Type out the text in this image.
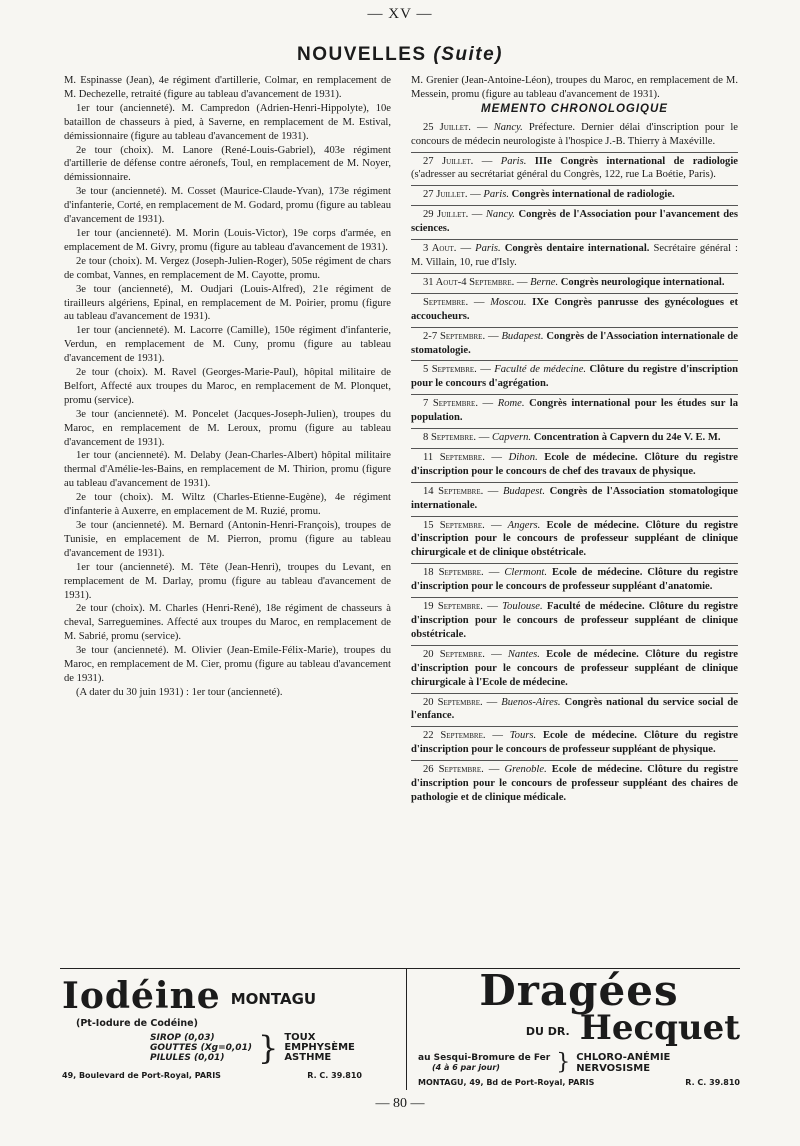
— XV —
NOUVELLES (Suite)

M. Espinasse (Jean), 4e régiment d'artillerie, Colmar, en remplacement de M. Dechezelle, retraité (figure au tableau d'avancement de 1931).

1er tour (ancienneté). M. Campredon (Adrien-Henri-Hippolyte), 10e bataillon de chasseurs à pied, à Saverne, en remplacement de M. Estival, démissionnaire (figure au tableau d'avancement de 1931).

2e tour (choix). M. Lanore (René-Louis-Gabriel), 403e régiment d'artillerie de défense contre aéronefs, Toul, en remplacement de M. Noyer, démissionnaire.

3e tour (ancienneté). M. Cosset (Maurice-Claude-Yvan), 173e régiment d'infanterie, Corté, en remplacement de M. Godard, promu (figure au tableau d'avancement de 1931).

1er tour (ancienneté). M. Morin (Louis-Victor), 19e corps d'armée, en emplacement de M. Givry, promu (figure au tableau d'avancement de 1931).

2e tour (choix). M. Vergez (Joseph-Julien-Roger), 505e régiment de chars de combat, Vannes, en remplacement de M. Cayotte, promu.

3e tour (ancienneté), M. Oudjari (Louis-Alfred), 21e régiment de tirailleurs algériens, Epinal, en remplacement de M. Poirier, promu (figure au tableau d'avancement de 1931).

1er tour (ancienneté). M. Lacorre (Camille), 150e régiment d'infanterie, Verdun, en remplacement de M. Cuny, promu (figure au tableau d'avancement de 1931).

2e tour (choix). M. Ravel (Georges-Marie-Paul), hôpital militaire de Belfort, Affecté aux troupes du Maroc, en remplacement de M. Plonquet, promu (service).

3e tour (ancienneté). M. Poncelet (Jacques-Joseph-Julien), troupes du Maroc, en remplacement de M. Leroux, promu (figure au tableau d'avancement de 1931).

1er tour (ancienneté). M. Delaby (Jean-Charles-Albert) hôpital militaire thermal d'Amélie-les-Bains, en remplacement de M. Thirion, promu (figure au tableau d'avancement de 1931).

2e tour (choix). M. Wiltz (Charles-Etienne-Eugène), 4e régiment d'infanterie à Auxerre, en emplacement de M. Ruzié, promu.

3e tour (ancienneté). M. Bernard (Antonin-Henri-François), troupes de Tunisie, en emplacement de M. Pierron, promu (figure au tableau d'avancement de 1931).

1er tour (ancienneté). M. Tête (Jean-Henri), troupes du Levant, en remplacement de M. Darlay, promu (figure au tableau d'avancement de 1931).

2e tour (choix). M. Charles (Henri-René), 18e régiment de chasseurs à cheval, Sarreguemines. Affecté aux troupes du Maroc, en remplacement de M. Sabrié, promu (service).

3e tour (ancienneté). M. Olivier (Jean-Emile-Félix-Marie), troupes du Maroc, en remplacement de M. Cier, promu (figure au tableau d'avancement de 1931).

(A dater du 30 juin 1931) : 1er tour (ancienneté).

M. Grenier (Jean-Antoine-Léon), troupes du Maroc, en remplacement de M. Messein, promu (figure au tableau d'avancement de 1931).

MEMENTO CHRONOLOGIQUE

25 Juillet. — Nancy. Préfecture. Dernier délai d'inscription pour le concours de médecin neurologiste à l'hospice J.-B. Thierry à Maxéville.

27 Juillet. — Paris. IIIe Congrès international de radiologie (s'adresser au secrétariat général du Congrès, 122, rue La Boétie, Paris).

27 Juillet. — Paris. Congrès international de radiologie.

29 Juillet. — Nancy. Congrès de l'Association pour l'avancement des sciences.

3 Aout. — Paris. Congrès dentaire international. Secrétaire général : M. Villain, 10, rue d'Isly.

31 Aout-4 Septembre. — Berne. Congrès neurologique international.

Septembre. — Moscou. IXe Congrès panrusse des gynécologues et accoucheurs.

2-7 Septembre. — Budapest. Congrès de l'Association internationale de stomatologie.

5 Septembre. — Faculté de médecine. Clôture du registre d'inscription pour le concours d'agrégation.

7 Septembre. — Rome. Congrès international pour les études sur la population.

8 Septembre. — Capvern. Concentration à Capvern du 24e V. E. M.

11 Septembre. — Dihon. Ecole de médecine. Clôture du registre d'inscription pour le concours de chef des travaux de physique.

14 Septembre. — Budapest. Congrès de l'Association stomatologique internationale.

15 Septembre. — Angers. Ecole de médecine. Clôture du registre d'inscription pour le concours de professeur suppléant de clinique chirurgicale et de clinique obstétricale.

18 Septembre. — Clermont. Ecole de médecine. Clôture du registre d'inscription pour le concours de professeur suppléant d'anatomie.

19 Septembre. — Toulouse. Faculté de médecine. Clôture du registre d'inscription pour le concours de professeur suppléant de clinique obstétricale.

20 Septembre. — Nantes. Ecole de médecine. Clôture du registre d'inscription pour le concours de professeur suppléant de clinique chirurgicale à l'Ecole de médecine.

20 Septembre. — Buenos-Aires. Congrès national du service social de l'enfance.

22 Septembre. — Tours. Ecole de médecine. Clôture du registre d'inscription pour le concours de professeur suppléant de physique.

26 Septembre. — Grenoble. Ecole de médecine. Clôture du registre d'inscription pour le concours de professeur suppléant des chaires de pathologie et de clinique médicale.

Iodéine MONTAGU
(Pt-Iodure de Codéine)
SIROP (0,03)
GOUTTES (Xg=0,01)
PILULES (0,01)	} TOUX
EMPHYSÈME
ASTHME
49, Boulevard de Port-Royal, PARIS	R. C. 39.810
Dragées
$^{DU DR.}$ Hecquet
au Sesqui-Bromure de Fer
(4 à 6 par jour)	} CHLORO-ANÉMIE
NERVOSISME
MONTAGU, 49, Bd de Port-Royal, PARIS	R. C. 39.810
— 80 —
